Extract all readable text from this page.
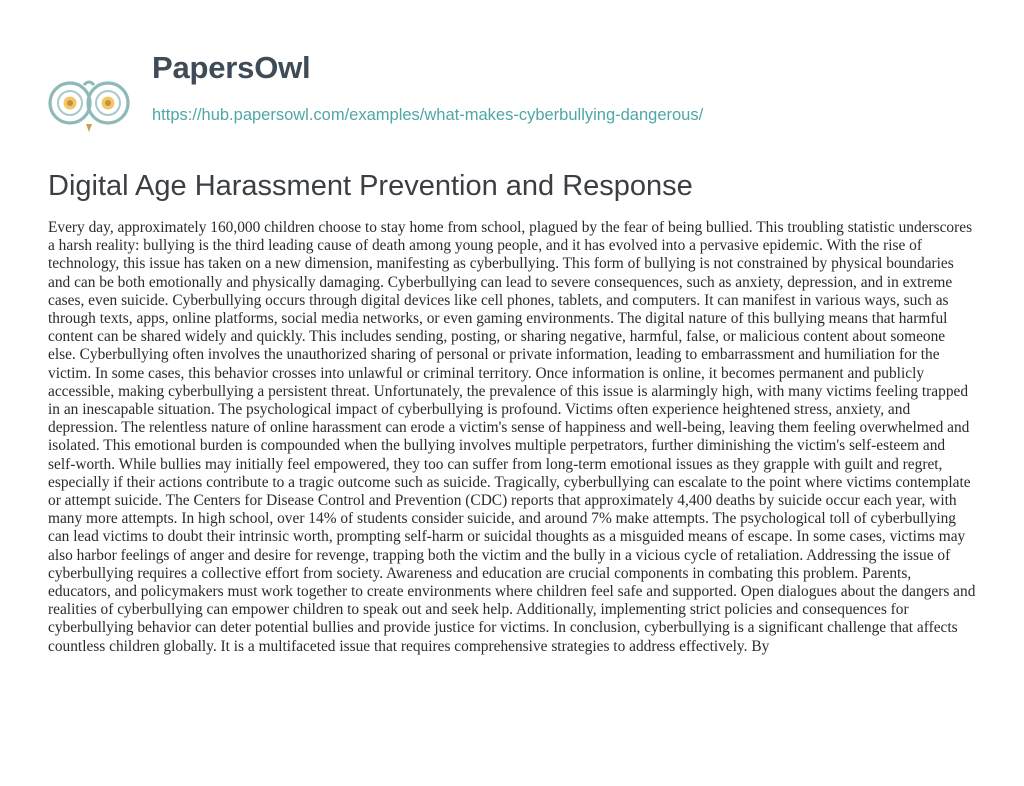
PapersOwl
https://hub.papersowl.com/examples/what-makes-cyberbullying-dangerous/
Digital Age Harassment Prevention and Response

Every day, approximately 160,000 children choose to stay home from school, plagued by the fear of being bullied. This troubling statistic underscores a harsh reality: bullying is the third leading cause of death among young people, and it has evolved into a pervasive epidemic. With the rise of technology, this issue has taken on a new dimension, manifesting as cyberbullying. This form of bullying is not constrained by physical boundaries and can be both emotionally and physically damaging. Cyberbullying can lead to severe consequences, such as anxiety, depression, and in extreme cases, even suicide. Cyberbullying occurs through digital devices like cell phones, tablets, and computers. It can manifest in various ways, such as through texts, apps, online platforms, social media networks, or even gaming environments. The digital nature of this bullying means that harmful content can be shared widely and quickly. This includes sending, posting, or sharing negative, harmful, false, or malicious content about someone else. Cyberbullying often involves the unauthorized sharing of personal or private information, leading to embarrassment and humiliation for the victim. In some cases, this behavior crosses into unlawful or criminal territory. Once information is online, it becomes permanent and publicly accessible, making cyberbullying a persistent threat. Unfortunately, the prevalence of this issue is alarmingly high, with many victims feeling trapped in an inescapable situation. The psychological impact of cyberbullying is profound. Victims often experience heightened stress, anxiety, and depression. The relentless nature of online harassment can erode a victim's sense of happiness and well-being, leaving them feeling overwhelmed and isolated. This emotional burden is compounded when the bullying involves multiple perpetrators, further diminishing the victim's self-esteem and self-worth. While bullies may initially feel empowered, they too can suffer from long-term emotional issues as they grapple with guilt and regret, especially if their actions contribute to a tragic outcome such as suicide. Tragically, cyberbullying can escalate to the point where victims contemplate or attempt suicide. The Centers for Disease Control and Prevention (CDC) reports that approximately 4,400 deaths by suicide occur each year, with many more attempts. In high school, over 14% of students consider suicide, and around 7% make attempts. The psychological toll of cyberbullying can lead victims to doubt their intrinsic worth, prompting self-harm or suicidal thoughts as a misguided means of escape. In some cases, victims may also harbor feelings of anger and desire for revenge, trapping both the victim and the bully in a vicious cycle of retaliation. Addressing the issue of cyberbullying requires a collective effort from society. Awareness and education are crucial components in combating this problem. Parents, educators, and policymakers must work together to create environments where children feel safe and supported. Open dialogues about the dangers and realities of cyberbullying can empower children to speak out and seek help. Additionally, implementing strict policies and consequences for cyberbullying behavior can deter potential bullies and provide justice for victims. In conclusion, cyberbullying is a significant challenge that affects countless children globally. It is a multifaceted issue that requires comprehensive strategies to address effectively. By
